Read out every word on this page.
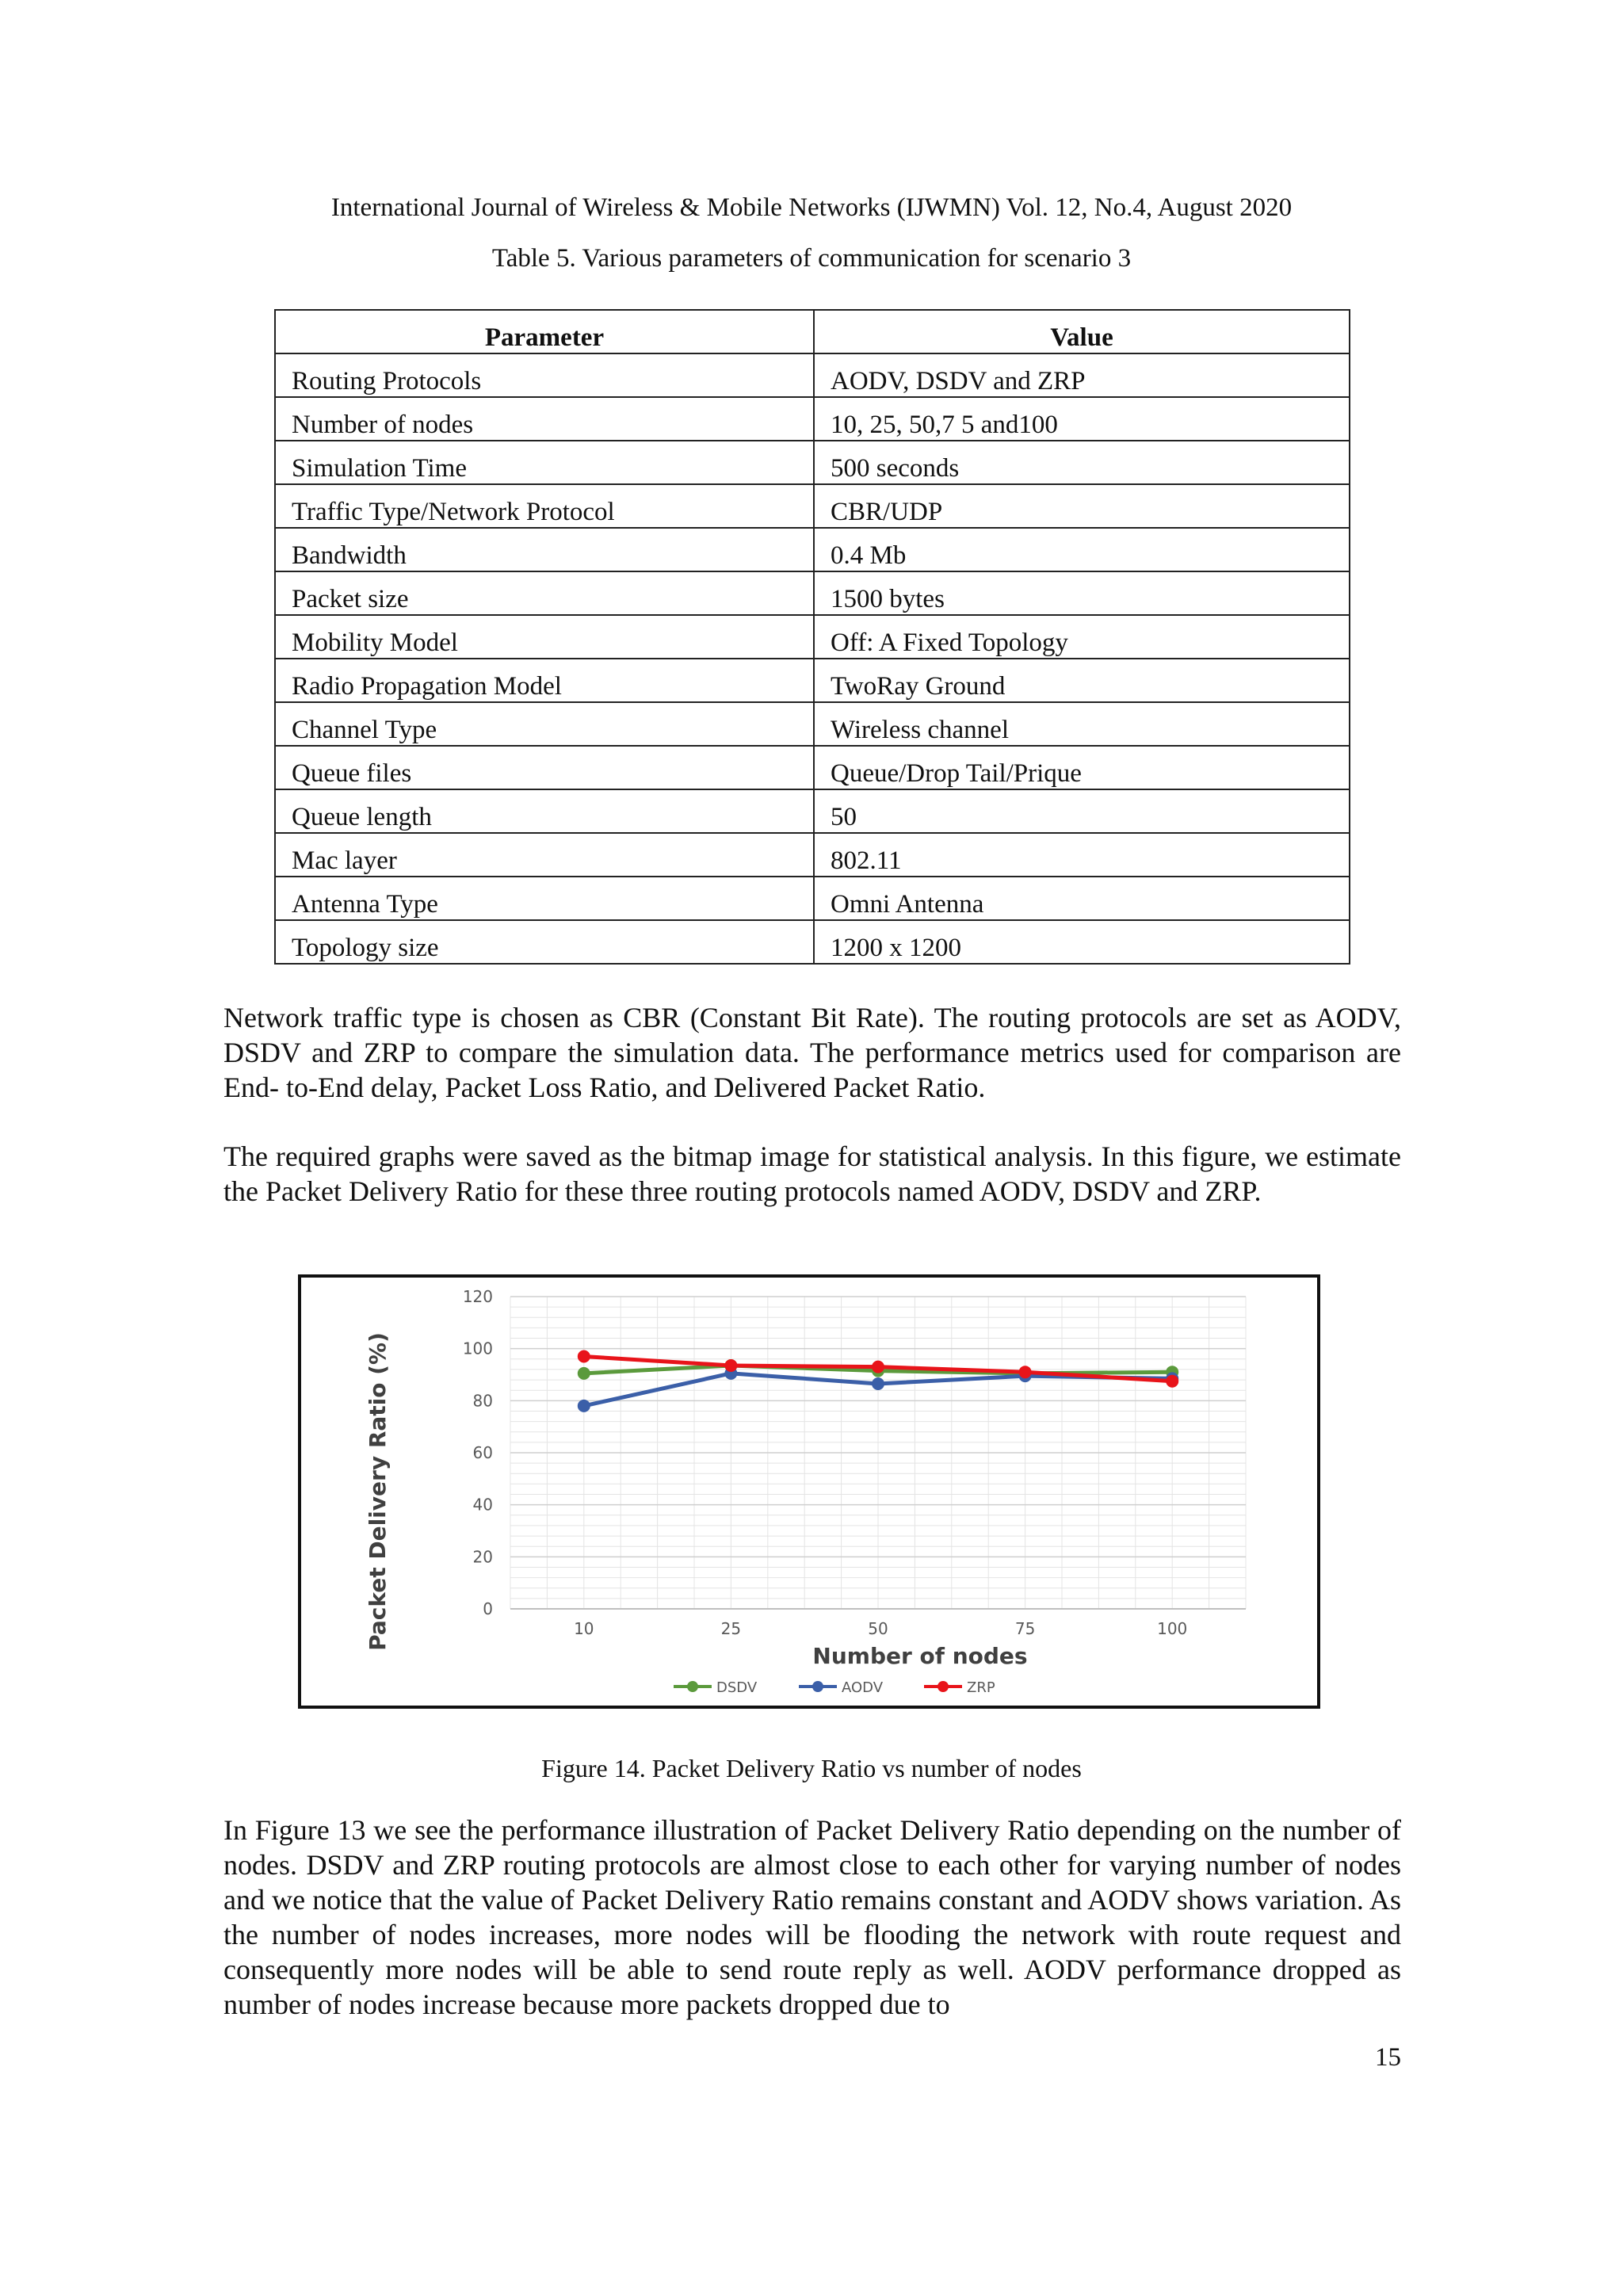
International Journal of Wireless & Mobile Networks (IJWMN) Vol. 12, No.4, August 2020
Table 5. Various parameters of communication for scenario 3
Parameter	Value
Routing Protocols	AODV, DSDV and ZRP
Number of nodes	10, 25, 50,7 5 and100
Simulation Time	500 seconds
Traffic Type/Network Protocol	CBR/UDP
Bandwidth	0.4 Mb
Packet size	1500 bytes
Mobility Model	Off: A Fixed Topology
Radio Propagation Model	TwoRay Ground
Channel Type	Wireless channel
Queue files	Queue/Drop Tail/Prique
Queue length	50
Mac layer	802.11
Antenna Type	Omni Antenna
Topology size	1200 x 1200

Network traffic type is chosen as CBR (Constant Bit Rate). The routing protocols are set as AODV, DSDV and ZRP to compare the simulation data. The performance metrics used for comparison are End- to-End delay, Packet Loss Ratio, and Delivered Packet Ratio.

The required graphs were saved as the bitmap image for statistical analysis. In this figure, we estimate the Packet Delivery Ratio for these three routing protocols named AODV, DSDV and ZRP.

0
20
40
60
80
100
120
10	25	50	75	100
Packet Delivery Ratio (%)
Number of nodes
DSDV	AODV	ZRP
Figure 14. Packet Delivery Ratio vs number of nodes

In Figure 13 we see the performance illustration of Packet Delivery Ratio depending on the number of nodes. DSDV and ZRP routing protocols are almost close to each other for varying number of nodes and we notice that the value of Packet Delivery Ratio remains constant and AODV shows variation. As the number of nodes increases, more nodes will be flooding the network with route request and consequently more nodes will be able to send route reply as well. AODV performance dropped as number of nodes increase because more packets dropped due to

15
